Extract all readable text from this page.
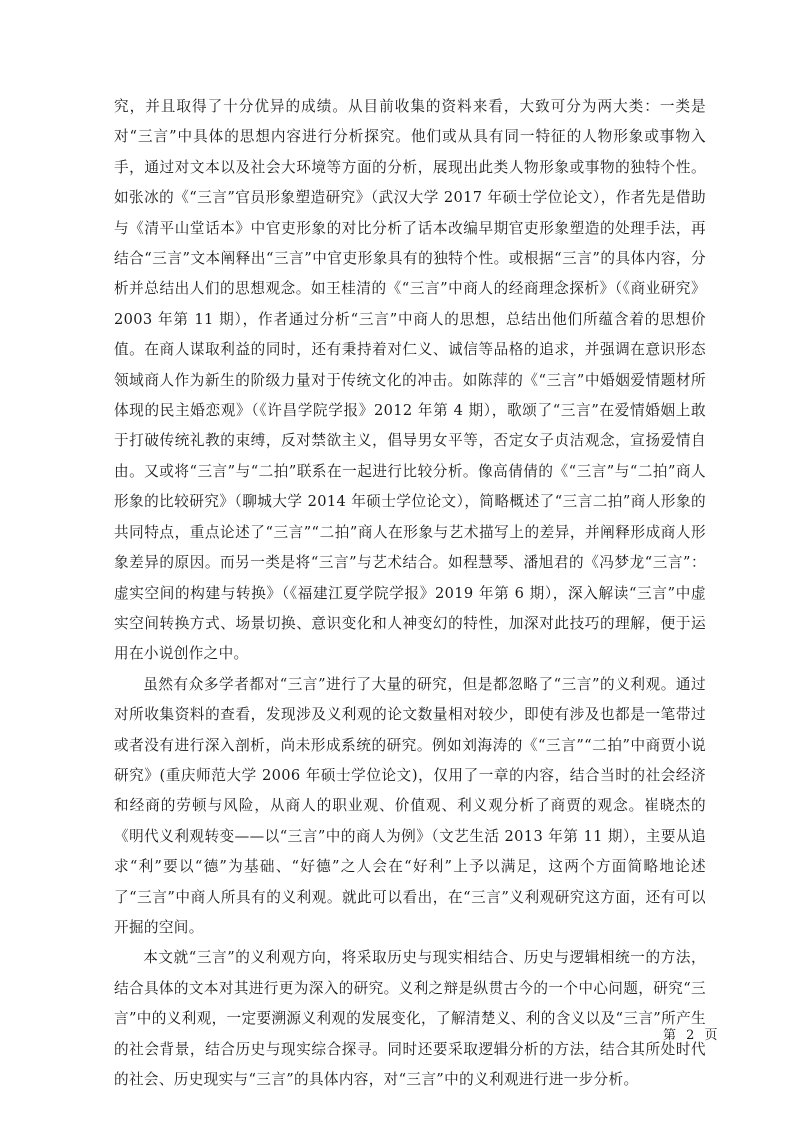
究，并且取得了十分优异的成绩。从目前收集的资料来看，大致可分为两大类：一类是对“三言”中具体的思想内容进行分析探究。他们或从具有同一特征的人物形象或事物入手，通过对文本以及社会大环境等方面的分析，展现出此类人物形象或事物的独特个性。如张冰的《“三言”官员形象塑造研究》（武汉大学 2017 年硕士学位论文），作者先是借助与《清平山堂话本》中官吏形象的对比分析了话本改编早期官吏形象塑造的处理手法，再结合“三言”文本阐释出“三言”中官吏形象具有的独特个性。或根据“三言”的具体内容，分析并总结出人们的思想观念。如王桂清的《“三言”中商人的经商理念探析》（《商业研究》2003 年第 11 期），作者通过分析“三言”中商人的思想，总结出他们所蕴含着的思想价值。在商人谋取利益的同时，还有秉持着对仁义、诚信等品格的追求，并强调在意识形态领域商人作为新生的阶级力量对于传统文化的冲击。如陈萍的《“三言”中婚姻爱情题材所体现的民主婚恋观》（《许昌学院学报》2012 年第 4 期），歌颂了“三言”在爱情婚姻上敢于打破传统礼教的束缚，反对禁欲主义，倡导男女平等，否定女子贞洁观念，宣扬爱情自由。又或将“三言”与“二拍”联系在一起进行比较分析。像高倩倩的《“三言”与“二拍”商人形象的比较研究》（聊城大学 2014 年硕士学位论文），简略概述了“三言二拍”商人形象的共同特点，重点论述了“三言”“二拍”商人在形象与艺术描写上的差异，并阐释形成商人形象差异的原因。而另一类是将“三言”与艺术结合。如程慧琴、潘旭君的《冯梦龙“三言”：虚实空间的构建与转换》（《福建江夏学院学报》2019 年第 6 期），深入解读“三言”中虚实空间转换方式、场景切换、意识变化和人神变幻的特性，加深对此技巧的理解，便于运用在小说创作之中。

虽然有众多学者都对“三言”进行了大量的研究，但是都忽略了“三言”的义利观。通过对所收集资料的查看，发现涉及义利观的论文数量相对较少，即使有涉及也都是一笔带过或者没有进行深入剖析，尚未形成系统的研究。例如刘海涛的《“三言”“二拍”中商贾小说研究》(重庆师范大学 2006 年硕士学位论文)，仅用了一章的内容，结合当时的社会经济和经商的劳顿与风险，从商人的职业观、价值观、利义观分析了商贾的观念。崔晓杰的《明代义利观转变——以“三言”中的商人为例》（文艺生活 2013 年第 11 期），主要从追求“利”要以“德”为基础、“好德”之人会在“好利”上予以满足，这两个方面简略地论述了“三言”中商人所具有的义利观。就此可以看出，在“三言”义利观研究这方面，还有可以开掘的空间。

本文就“三言”的义利观方向，将采取历史与现实相结合、历史与逻辑相统一的方法，结合具体的文本对其进行更为深入的研究。义利之辩是纵贯古今的一个中心问题，研究“三言”中的义利观，一定要溯源义利观的发展变化，了解清楚义、利的含义以及“三言”所产生的社会背景，结合历史与现实综合探寻。同时还要采取逻辑分析的方法，结合其所处时代的社会、历史现实与“三言”的具体内容，对“三言”中的义利观进行进一步分析。

第 2 页
